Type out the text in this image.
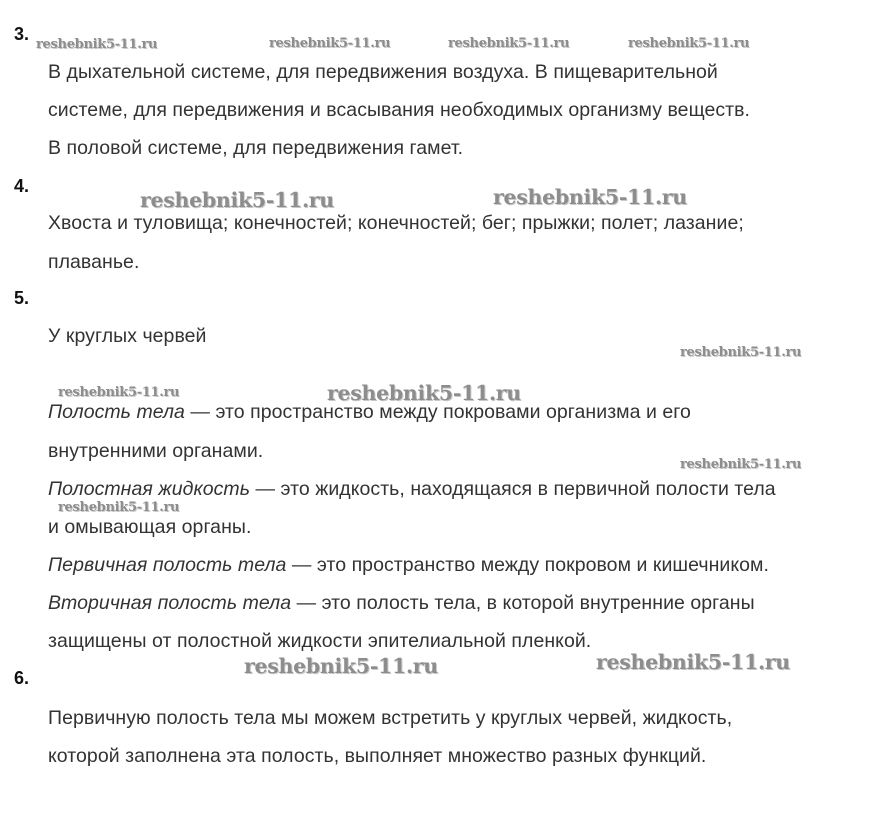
3.
В дыхательной системе, для передвижения воздуха. В пищеварительной
системе, для передвижения и всасывания необходимых организму веществ.
В половой системе, для передвижения гамет.
4.
Хвоста и туловища; конечностей; конечностей; бег; прыжки; полет; лазание;
плаванье.
5.
У круглых червей
Полость тела — это пространство между покровами организма и его
внутренними органами.
Полостная жидкость — это жидкость, находящаяся в первичной полости тела
и омывающая органы.
Первичная полость тела — это пространство между покровом и кишечником.
Вторичная полость тела — это полость тела, в которой внутренние органы
защищены от полостной жидкости эпителиальной пленкой.
6.
Первичную полость тела мы можем встретить у круглых червей, жидкость,
которой заполнена эта полость, выполняет множество разных функций.
reshebnik5-11.ru	reshebnik5-11.ru	reshebnik5-11.ru	reshebnik5-11.ru
reshebnik5-11.ru	reshebnik5-11.ru
reshebnik5-11.ru
reshebnik5-11.ru	reshebnik5-11.ru
reshebnik5-11.ru
reshebnik5-11.ru
reshebnik5-11.ru	reshebnik5-11.ru
